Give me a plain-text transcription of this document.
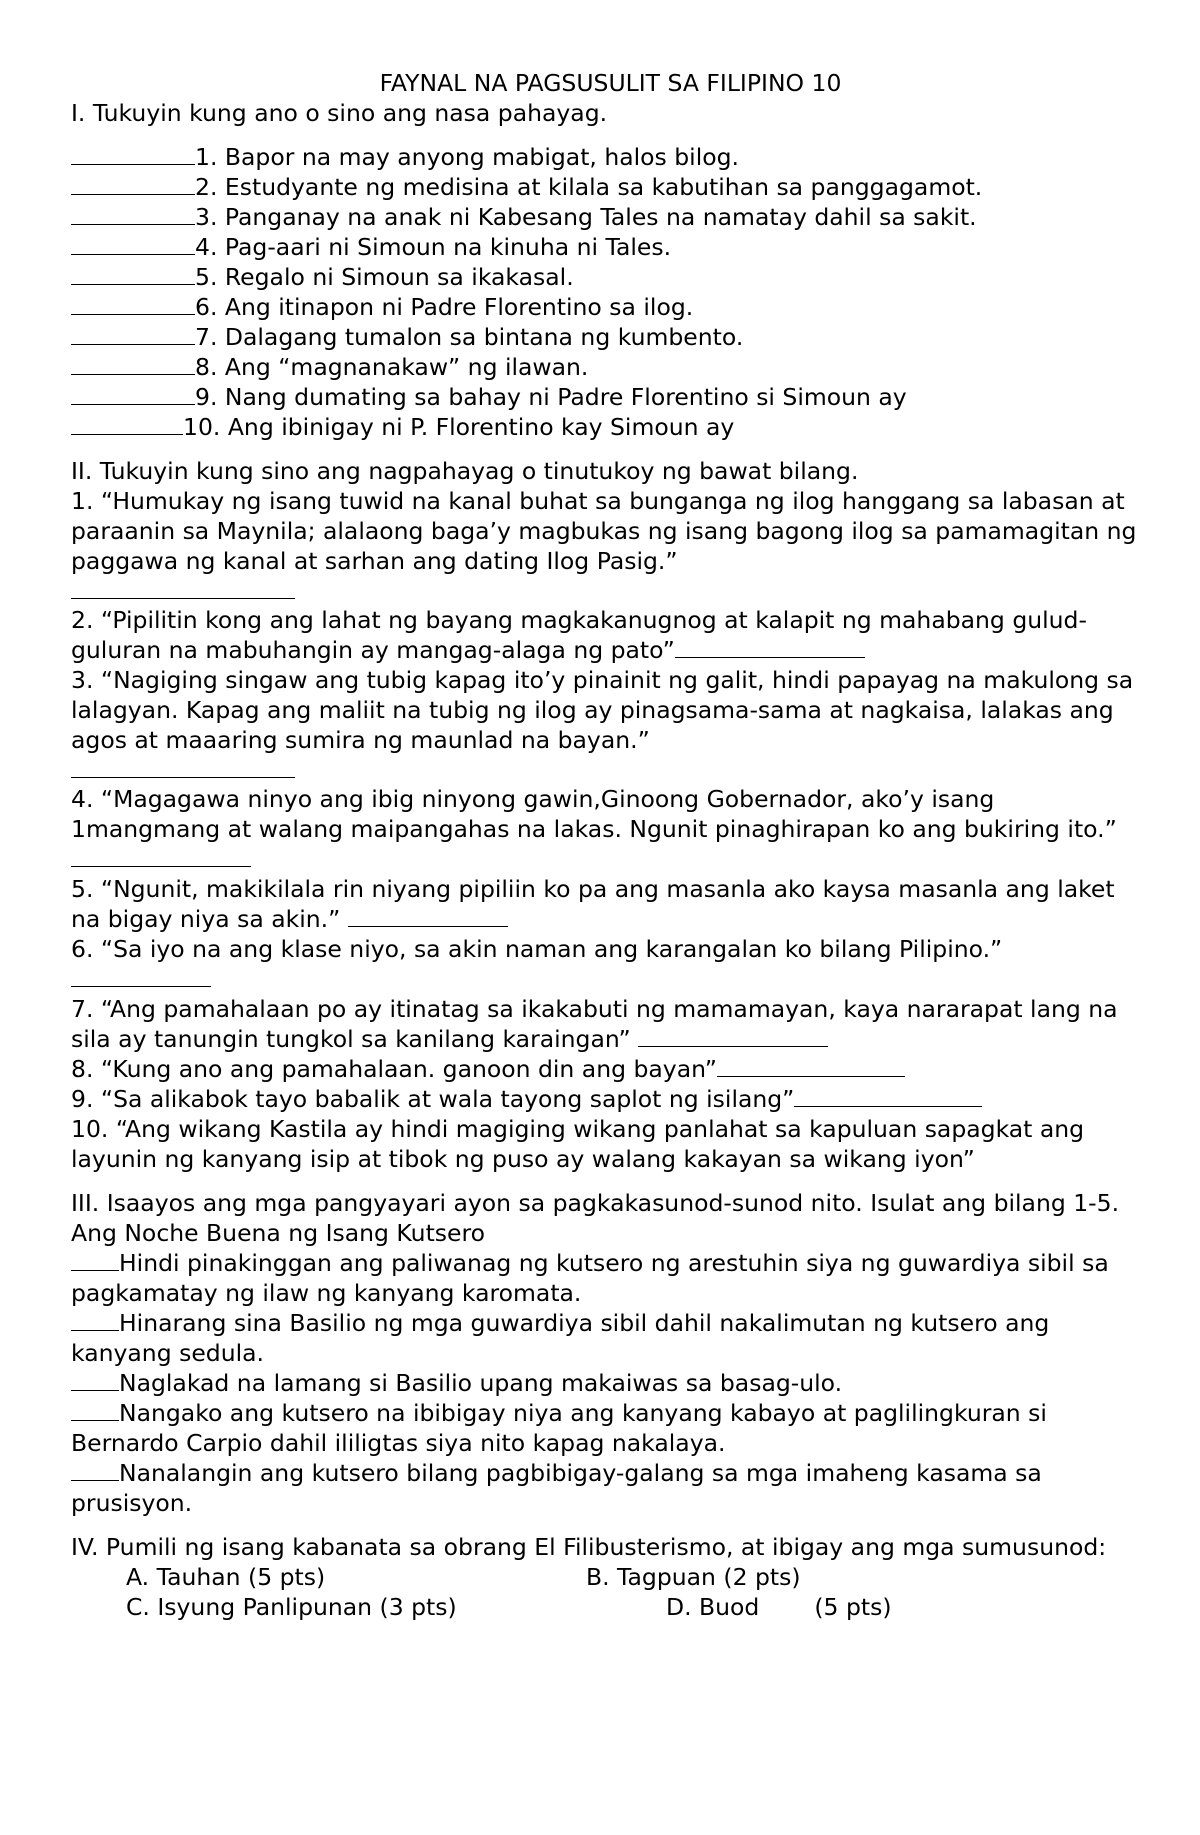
FAYNAL NA PAGSUSULIT SA FILIPINO 10

I. Tukuyin kung ano o sino ang nasa pahayag.

1. Bapor na may anyong mabigat, halos bilog.

2. Estudyante ng medisina at kilala sa kabutihan sa panggagamot.

3. Panganay na anak ni Kabesang Tales na namatay dahil sa sakit.

4. Pag-aari ni Simoun na kinuha ni Tales.

5. Regalo ni Simoun sa ikakasal.

6. Ang itinapon ni Padre Florentino sa ilog.

7. Dalagang tumalon sa bintana ng kumbento.

8. Ang “magnanakaw” ng ilawan.

9. Nang dumating sa bahay ni Padre Florentino si Simoun ay

10. Ang ibinigay ni P. Florentino kay Simoun ay

II. Tukuyin kung sino ang nagpahayag o tinutukoy ng bawat bilang.

1. “Humukay ng isang tuwid na kanal buhat sa bunganga ng ilog hanggang sa labasan at paraanin sa Maynila; alalaong baga’y magbukas ng isang bagong ilog sa pamamagitan ng paggawa ng kanal at sarhan ang dating Ilog Pasig.”

2. “Pipilitin kong ang lahat ng bayang magkakanugnog at kalapit ng mahabang gulud-guluran na mabuhangin ay mangag-alaga ng pato”

3. “Nagiging singaw ang tubig kapag ito’y pinainit ng galit, hindi papayag na makulong sa lalagyan. Kapag ang maliit na tubig ng ilog ay pinagsama-sama at nagkaisa, lalakas ang agos at maaaring sumira ng maunlad na bayan.”

4. “Magagawa ninyo ang ibig ninyong gawin,Ginoong Gobernador, ako’y isang 1mangmang at walang maipangahas na lakas. Ngunit pinaghirapan ko ang bukiring ito.”

5. “Ngunit, makikilala rin niyang pipiliin ko pa ang masanla ako kaysa masanla ang laket na bigay niya sa akin.”

6. “Sa iyo na ang klase niyo, sa akin naman ang karangalan ko bilang Pilipino.”

7. “Ang pamahalaan po ay itinatag sa ikakabuti ng mamamayan, kaya nararapat lang na sila ay tanungin tungkol sa kanilang karaingan”

8. “Kung ano ang pamahalaan. ganoon din ang bayan”

9. “Sa alikabok tayo babalik at wala tayong saplot ng isilang”

10. “Ang wikang Kastila ay hindi magiging wikang panlahat sa kapuluan sapagkat ang layunin ng kanyang isip at tibok ng puso ay walang kakayan sa wikang iyon”

III. Isaayos ang mga pangyayari ayon sa pagkakasunod-sunod nito. Isulat ang bilang 1-5.

Ang Noche Buena ng Isang Kutsero

Hindi pinakinggan ang paliwanag ng kutsero ng arestuhin siya ng guwardiya sibil sa pagkamatay ng ilaw ng kanyang karomata.

Hinarang sina Basilio ng mga guwardiya sibil dahil nakalimutan ng kutsero ang kanyang sedula.

Naglakad na lamang si Basilio upang makaiwas sa basag-ulo.

Nangako ang kutsero na ibibigay niya ang kanyang kabayo at paglilingkuran si Bernardo Carpio dahil ililigtas siya nito kapag nakalaya.

Nanalangin ang kutsero bilang pagbibigay-galang sa mga imaheng kasama sa prusisyon.

IV. Pumili ng isang kabanata sa obrang El Filibusterismo, at ibigay ang mga sumusunod:

A. Tauhan (5 pts)	B. Tagpuan (2 pts)
C. Isyung Panlipunan (3 pts)	D. Buod (5 pts)
